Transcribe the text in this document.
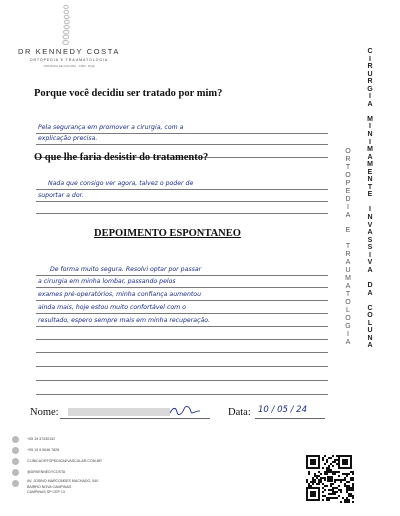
DR KENNEDY COSTA
ORTOPEDIA E TRAUMATOLOGIA
CIRURGIA DE COLUNA · CRM · RQE
Porque você decidiu ser tratado por mim?
Pela segurança em promover a cirurgia, com a
explicação precisa.
O que lhe faria desistir do tratamento?
Nada que consigo ver agora, talvez o poder de
suportar a dor.
DEPOIMENTO ESPONTANEO
De forma muito segura. Resolvi optar por passar
a cirurgia em minha lombar, passando pelos
exames pré-operatórios, minha confiança aumentou
ainda mais, hoje estou muito confortável com o
resultado, espero sempre mais em minha recuperação.
Nome:	Data: 10 / 05 / 24
O
R
T
O
P
E
D
I
A

E

T
R
A
U
M
A
T
O
L
O
G
I
A
C
I
R
U
R
G
I
A

M
I
N
I
M
A
M
E
N
T
E

I
N
V
A
S
S
I
V
A

D
A

C
O
L
U
N
A
+55 19 37430192
+55 19 9 9646 7826
CLINICAORTOPEDICAEVASCULAR.COM.BR
@DRKENNEDYCOSTA
AV. JOSINO MARCONDES MACHADO, 540
BAIRRO NOVA CAMPINAS
CAMPINAS SP CEP 13
